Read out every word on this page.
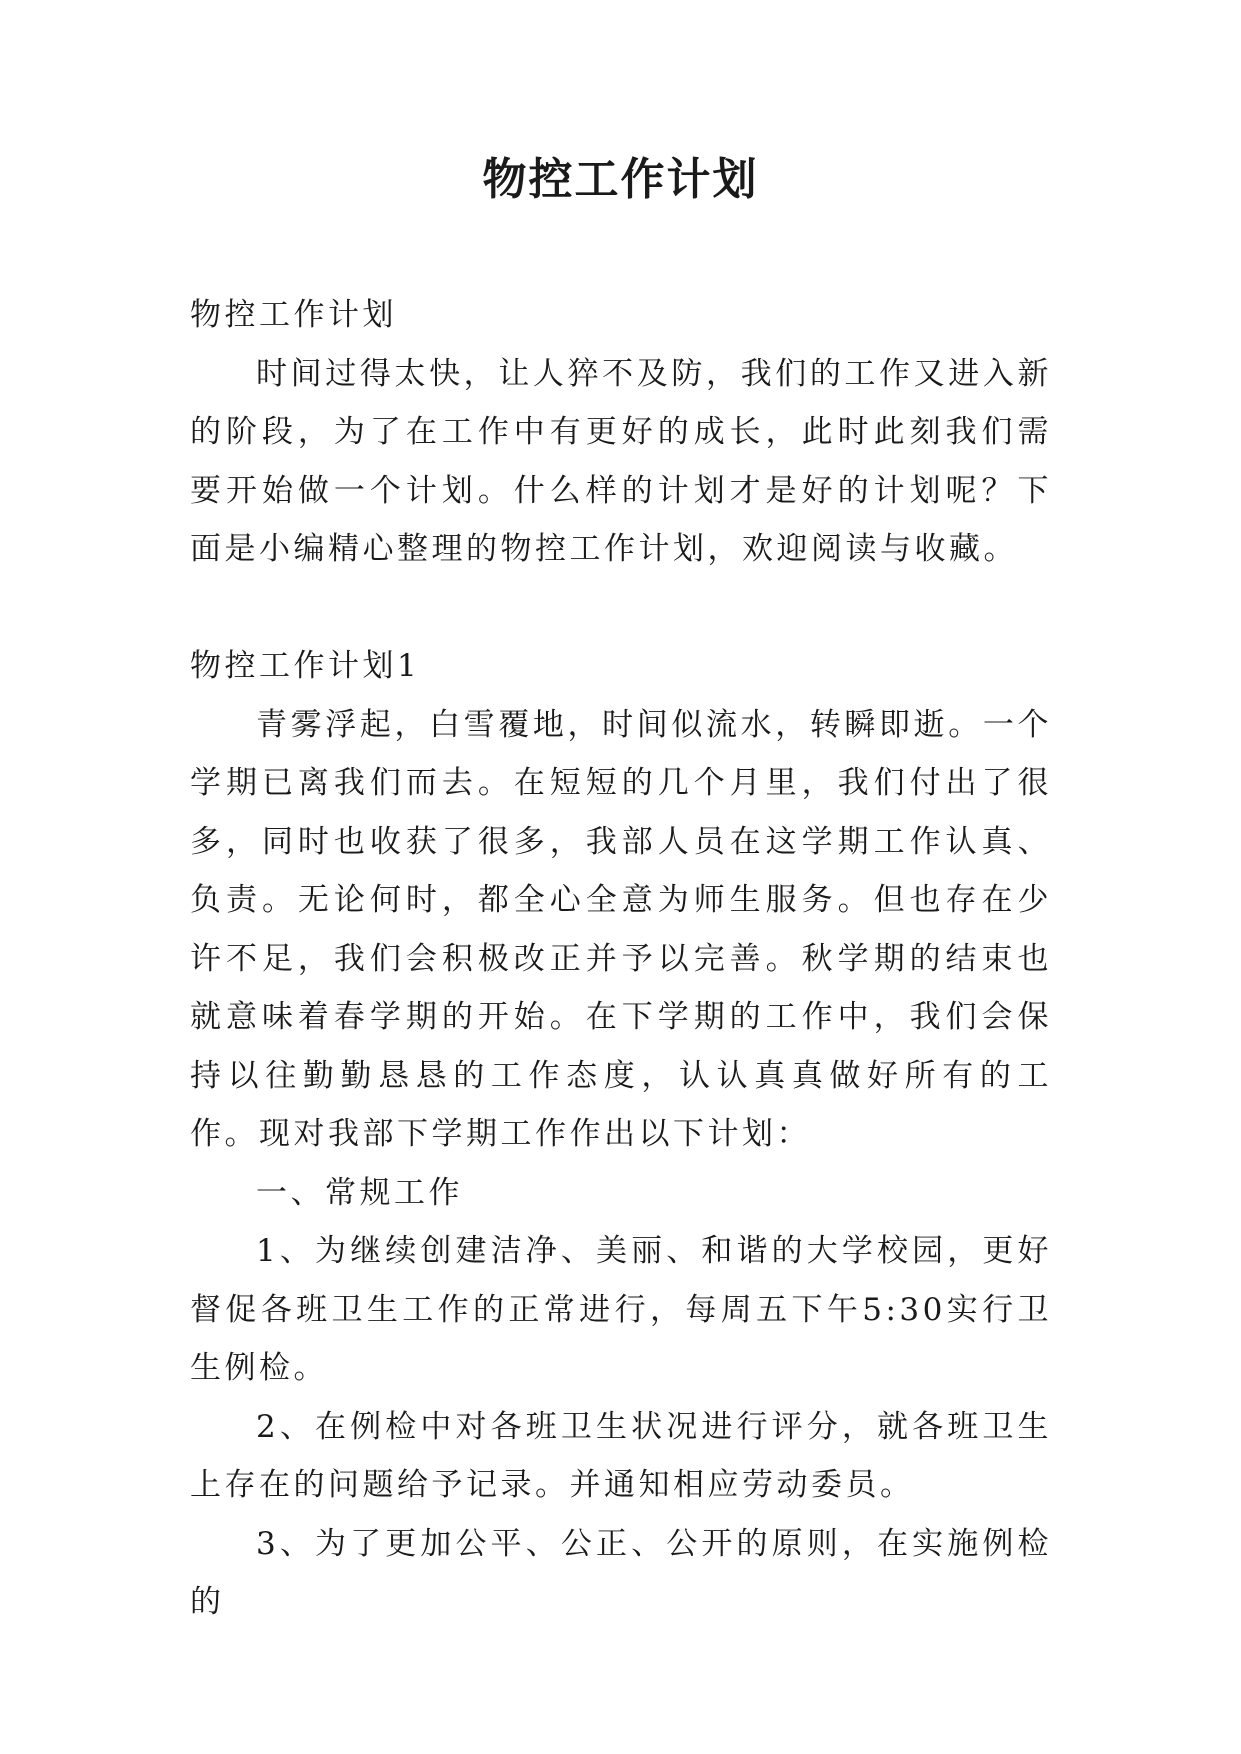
物控工作计划

物控工作计划

时间过得太快，让人猝不及防，我们的工作又进入新的阶段，为了在工作中有更好的成长，此时此刻我们需要开始做一个计划。什么样的计划才是好的计划呢？下面是小编精心整理的物控工作计划，欢迎阅读与收藏。

物控工作计划1

青雾浮起，白雪覆地，时间似流水，转瞬即逝。一个学期已离我们而去。在短短的几个月里，我们付出了很多，同时也收获了很多，我部人员在这学期工作认真、负责。无论何时，都全心全意为师生服务。但也存在少许不足，我们会积极改正并予以完善。秋学期的结束也就意味着春学期的开始。在下学期的工作中，我们会保持以往勤勤恳恳的工作态度，认认真真做好所有的工作。现对我部下学期工作作出以下计划：

一、常规工作

1、为继续创建洁净、美丽、和谐的大学校园，更好督促各班卫生工作的正常进行，每周五下午5:30实行卫生例检。

2、在例检中对各班卫生状况进行评分，就各班卫生上存在的问题给予记录。并通知相应劳动委员。

3、为了更加公平、公正、公开的原则，在实施例检的
